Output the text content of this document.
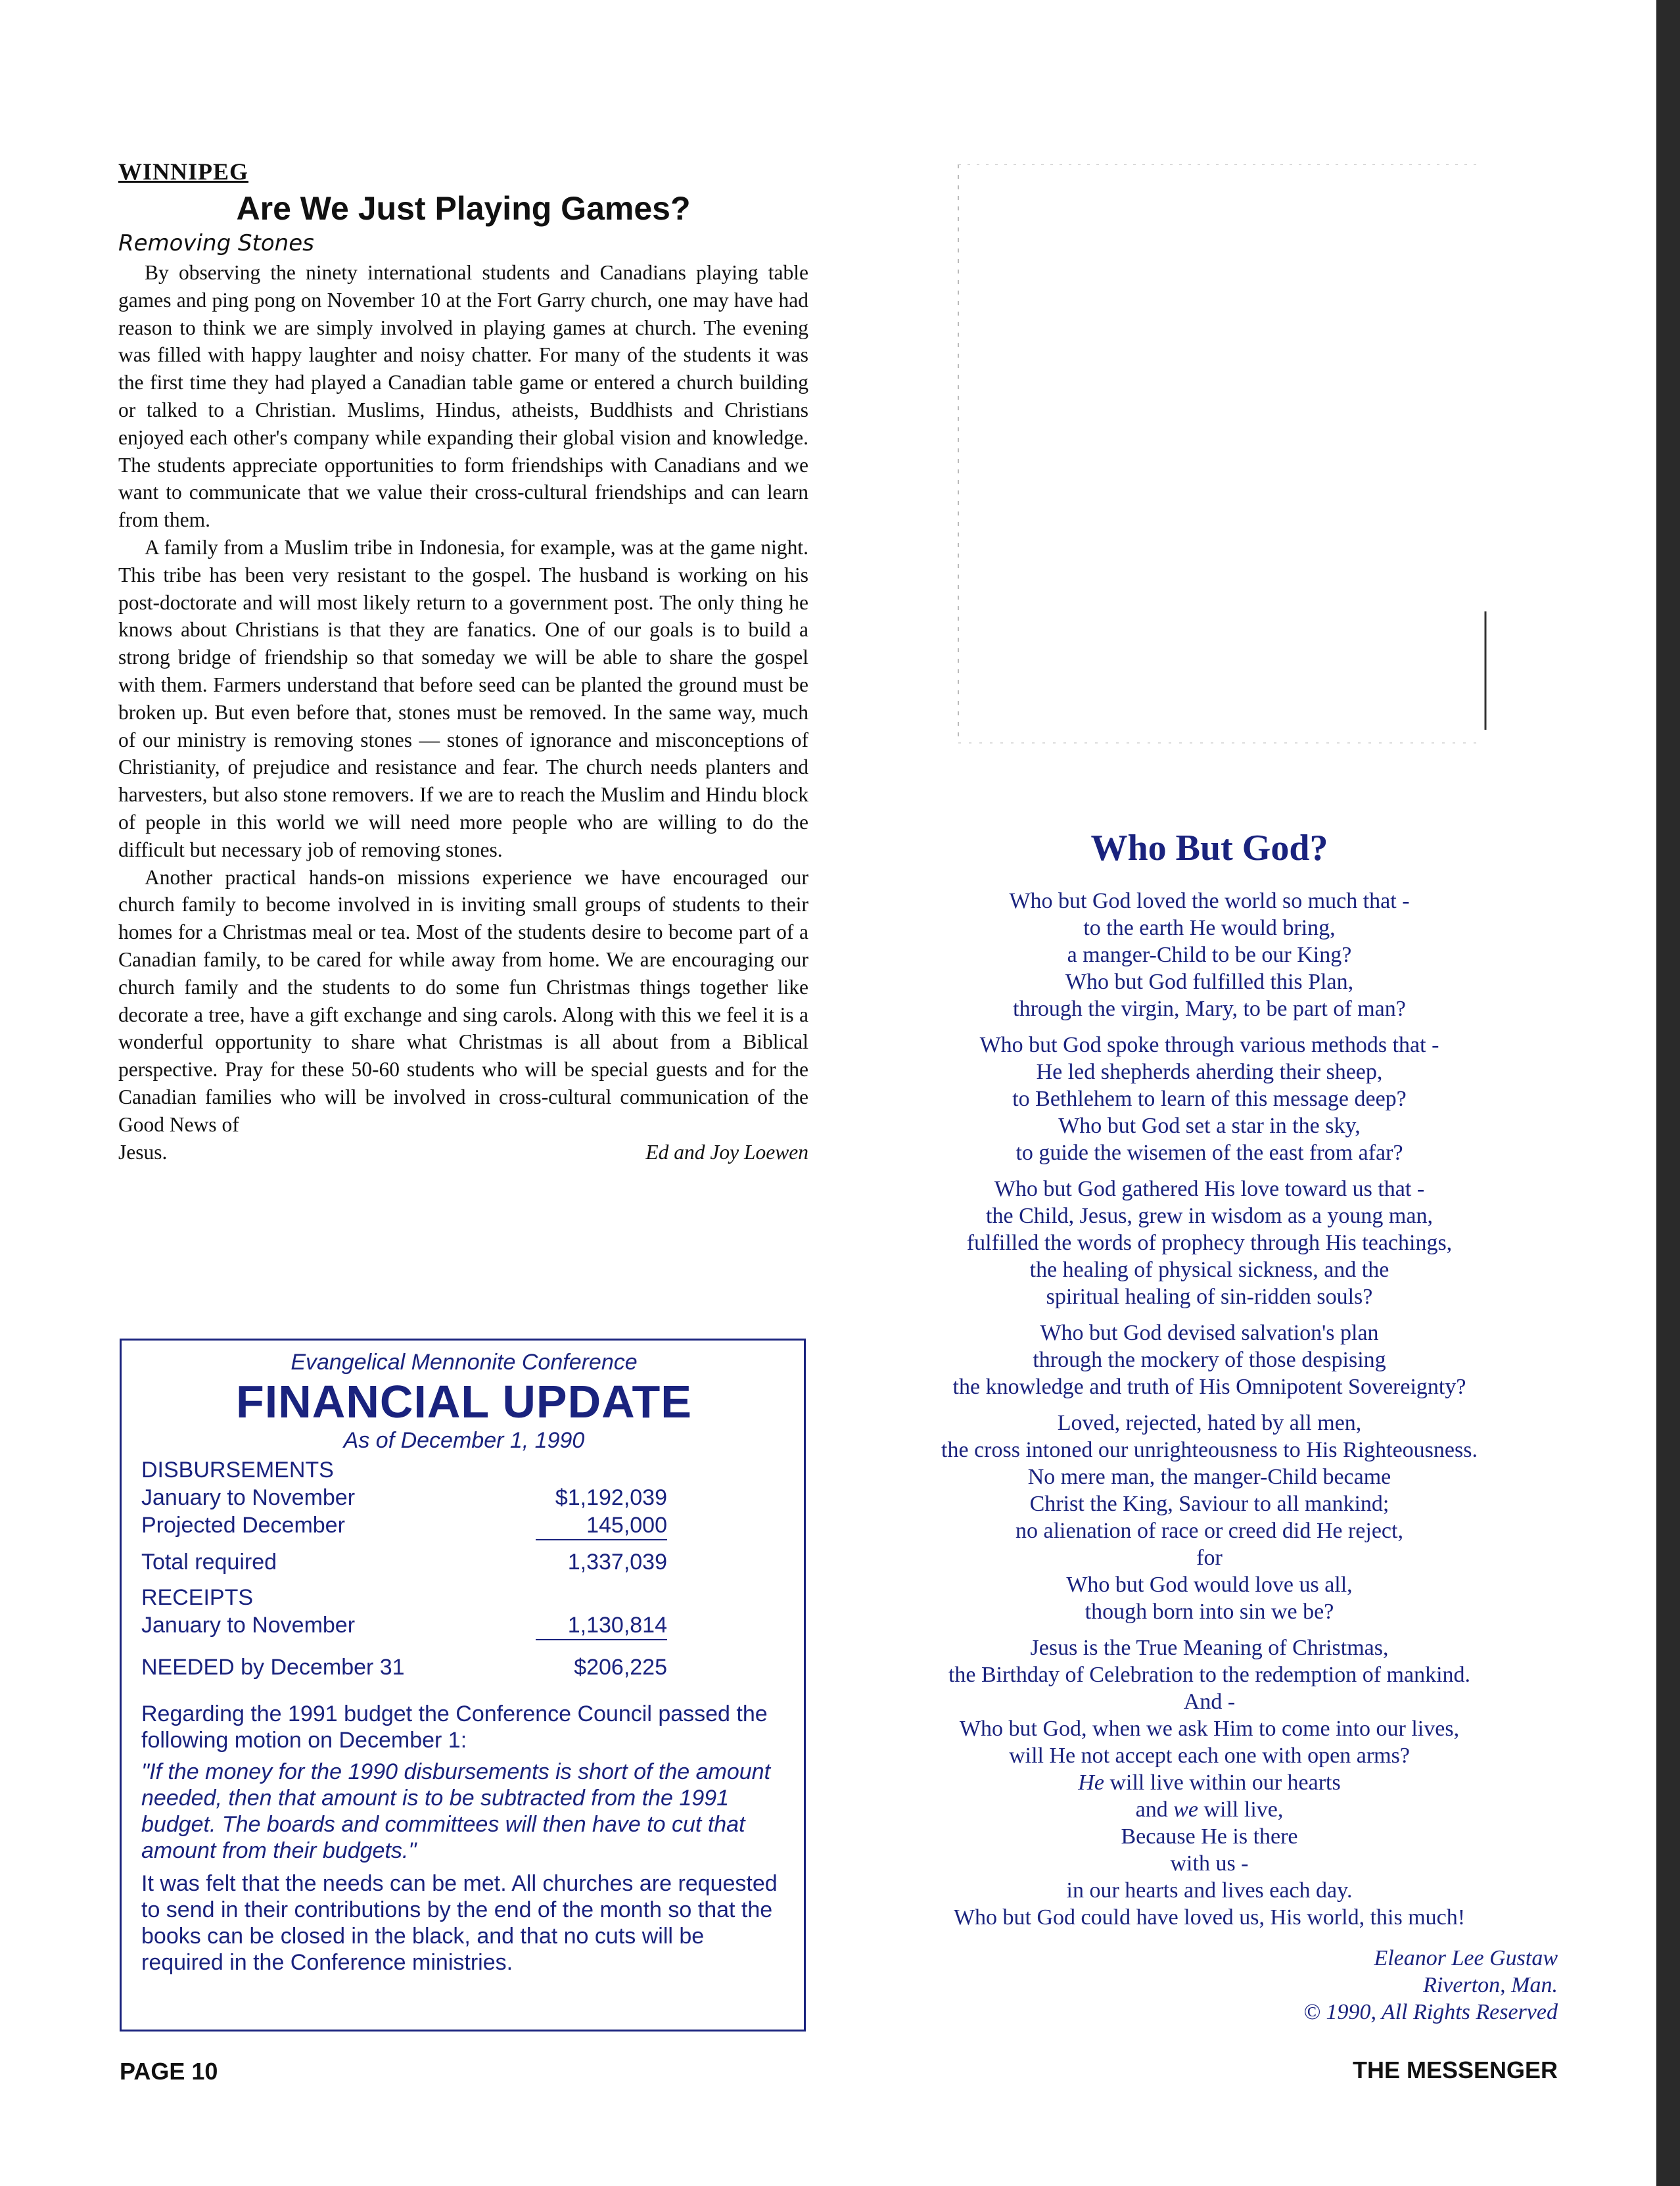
WINNIPEG
Are We Just Playing Games?
Removing Stones

By observing the ninety international students and Canadians playing table games and ping pong on November 10 at the Fort Garry church, one may have had reason to think we are simply involved in playing games at church. The evening was filled with happy laughter and noisy chatter. For many of the students it was the first time they had played a Canadian table game or entered a church building or talked to a Christian. Muslims, Hindus, atheists, Buddhists and Christians enjoyed each other's company while expanding their global vision and knowledge. The students appreciate opportunities to form friendships with Canadians and we want to communicate that we value their cross-cultural friendships and can learn from them.

A family from a Muslim tribe in Indonesia, for example, was at the game night. This tribe has been very resistant to the gospel. The husband is working on his post-doctorate and will most likely return to a government post. The only thing he knows about Christians is that they are fanatics. One of our goals is to build a strong bridge of friendship so that someday we will be able to share the gospel with them. Farmers understand that before seed can be planted the ground must be broken up. But even before that, stones must be removed. In the same way, much of our ministry is removing stones — stones of ignorance and misconceptions of Christianity, of prejudice and resistance and fear. The church needs planters and harvesters, but also stone removers. If we are to reach the Muslim and Hindu block of people in this world we will need more people who are willing to do the difficult but necessary job of removing stones.

Another practical hands-on missions experience we have encouraged our church family to become involved in is inviting small groups of students to their homes for a Christmas meal or tea. Most of the students desire to become part of a Canadian family, to be cared for while away from home. We are encouraging our church family and the students to do some fun Christmas things together like decorate a tree, have a gift exchange and sing carols. Along with this we feel it is a wonderful opportunity to share what Christmas is all about from a Biblical perspective. Pray for these 50-60 students who will be special guests and for the Canadian families who will be involved in cross-cultural communication of the Good News of

Jesus.	Ed and Joy Loewen
Evangelical Mennonite Conference
FINANCIAL UPDATE
As of December 1, 1990
DISBURSEMENTS
January to November	$1,192,039
Projected December	145,000
Total required	1,337,039
RECEIPTS
January to November	1,130,814
NEEDED by December 31	$206,225
Regarding the 1991 budget the Conference Council passed the following motion on December 1:
"If the money for the 1990 disbursements is short of the amount needed, then that amount is to be subtracted from the 1991 budget. The boards and committees will then have to cut that amount from their budgets."
It was felt that the needs can be met. All churches are requested to send in their contributions by the end of the month so that the books can be closed in the black, and that no cuts will be required in the Conference ministries.
Who But God?
Who but God loved the world so much that -
to the earth He would bring,
a manger-Child to be our King?
Who but God fulfilled this Plan,
through the virgin, Mary, to be part of man?
Who but God spoke through various methods that -
He led shepherds aherding their sheep,
to Bethlehem to learn of this message deep?
Who but God set a star in the sky,
to guide the wisemen of the east from afar?
Who but God gathered His love toward us that -
the Child, Jesus, grew in wisdom as a young man,
fulfilled the words of prophecy through His teachings,
the healing of physical sickness, and the
spiritual healing of sin-ridden souls?
Who but God devised salvation's plan
through the mockery of those despising
the knowledge and truth of His Omnipotent Sovereignty?
Loved, rejected, hated by all men,
the cross intoned our unrighteousness to His Righteousness.
No mere man, the manger-Child became
Christ the King, Saviour to all mankind;
no alienation of race or creed did He reject,
for
Who but God would love us all,
though born into sin we be?
Jesus is the True Meaning of Christmas,
the Birthday of Celebration to the redemption of mankind.
And -
Who but God, when we ask Him to come into our lives,
will He not accept each one with open arms?
He will live within our hearts
and we will live,
Because He is there
with us -
in our hearts and lives each day.
Who but God could have loved us, His world, this much!
Eleanor Lee Gustaw
Riverton, Man.
© 1990, All Rights Reserved
PAGE 10	THE MESSENGER
